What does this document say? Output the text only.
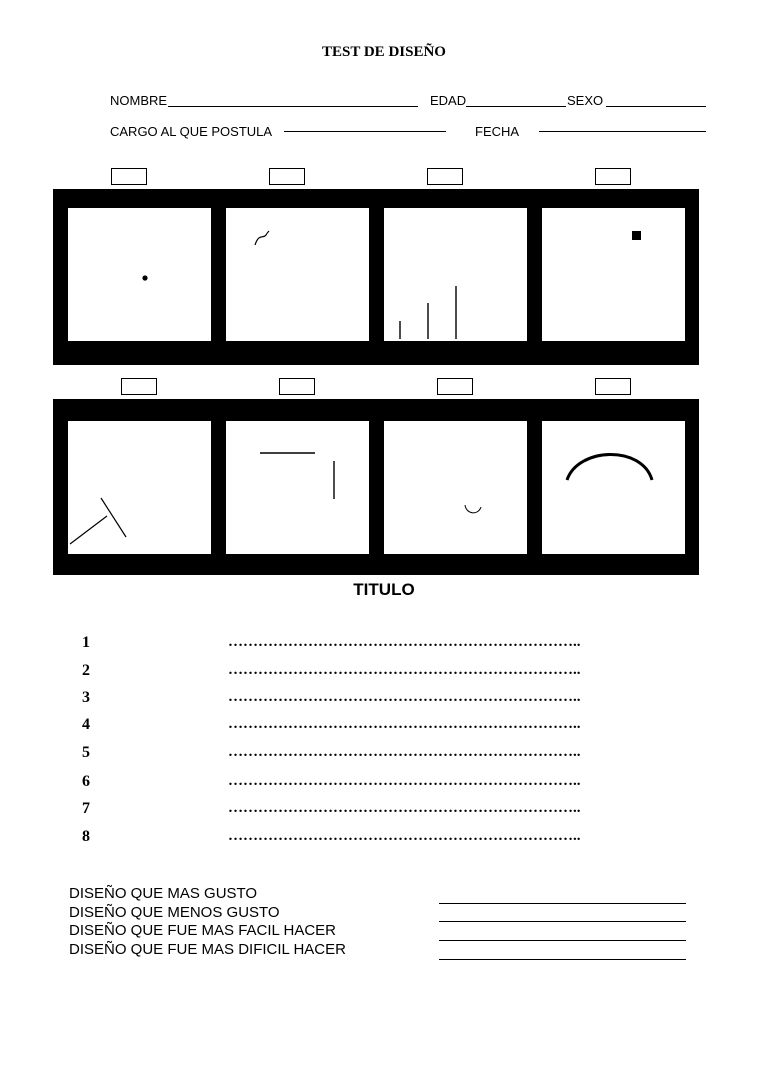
TEST DE DISEÑO
NOMBRE	EDAD	SEXO
CARGO AL QUE POSTULA	FECHA
TITULO
1	……………………………………………………………..
2	……………………………………………………………..
3	……………………………………………………………..
4	……………………………………………………………..
5	……………………………………………………………..
6	……………………………………………………………..
7	……………………………………………………………..
8	……………………………………………………………..
DISEÑO QUE MAS GUSTO
DISEÑO QUE MENOS GUSTO
DISEÑO QUE FUE MAS FACIL HACER
DISEÑO QUE FUE MAS DIFICIL HACER
